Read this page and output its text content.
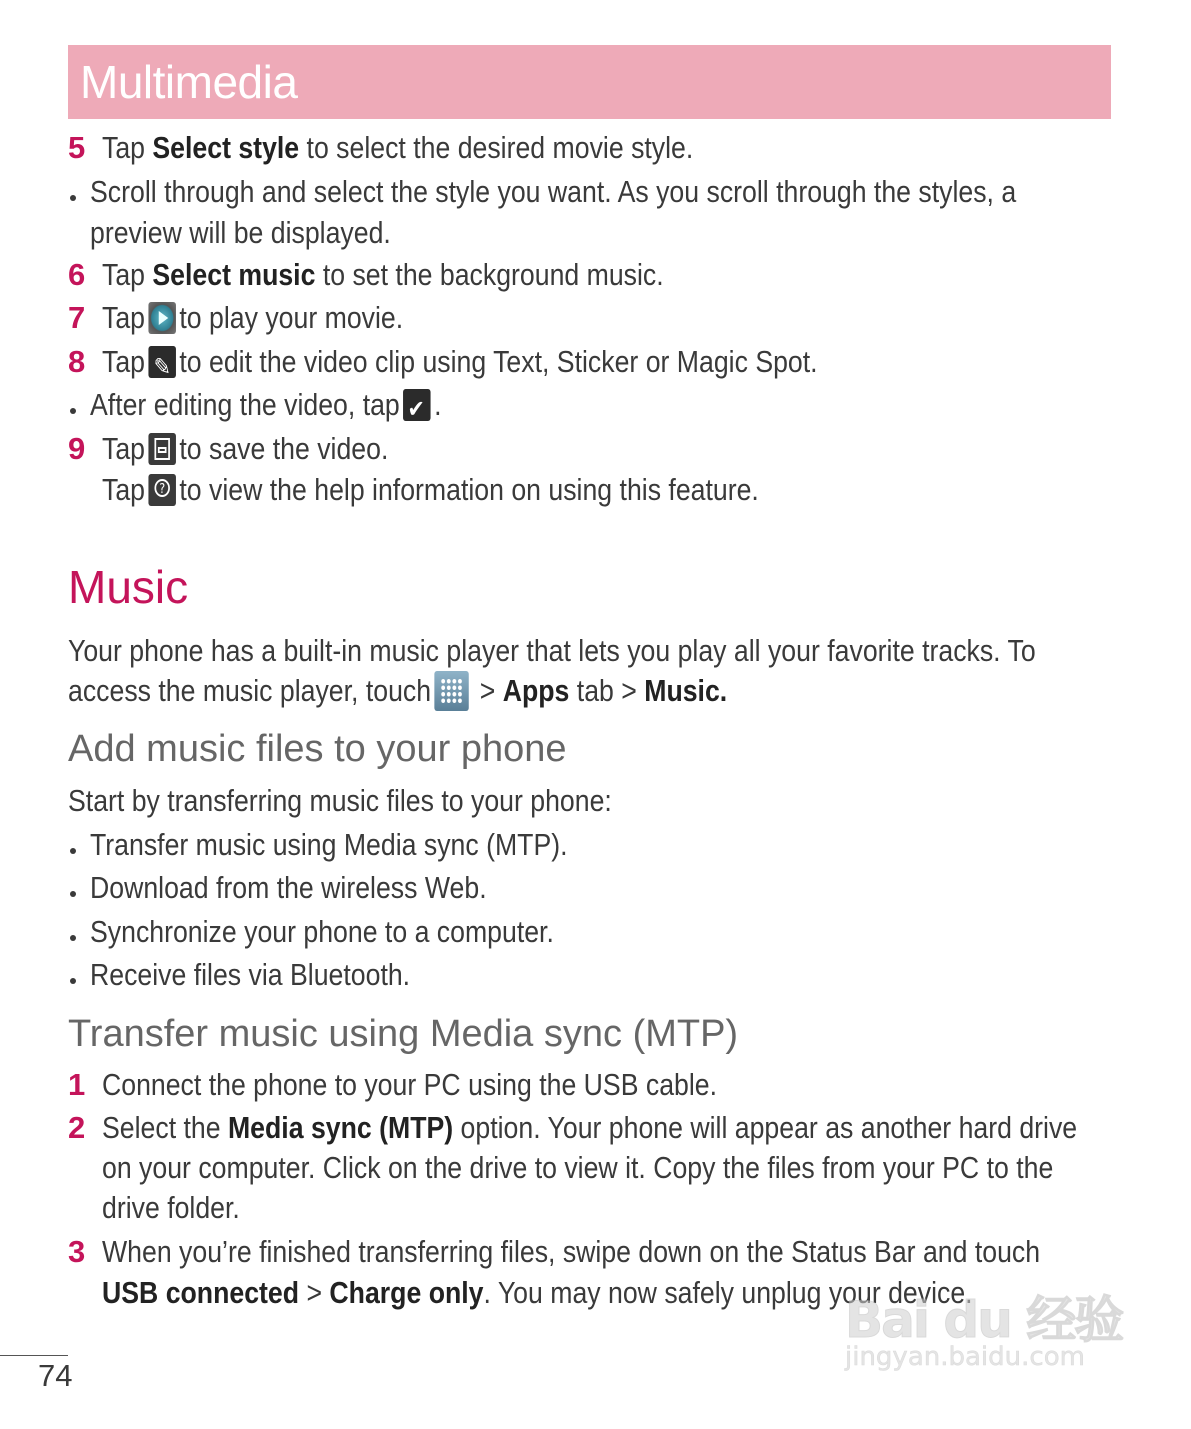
Multimedia
5 Tap Select style to select the desired movie style.
Scroll through and select the style you want. As you scroll through the styles, a
preview will be displayed.
6 Tap Select music to set the background music.
7 Tap to play your movie.
8 Tap ✎ to edit the video clip using Text, Sticker or Magic Spot.
After editing the video, tap ✔ .
9 Tap to save the video.
Tap ? to view the help information on using this feature.
Music
Your phone has a built-in music player that lets you play all your favorite tracks. To
access the music player, touch > Apps tab > Music.
Add music files to your phone
Start by transferring music files to your phone:
Transfer music using Media sync (MTP).
Download from the wireless Web.
Synchronize your phone to a computer.
Receive files via Bluetooth.
Transfer music using Media sync (MTP)
1 Connect the phone to your PC using the USB cable.
2 Select the Media sync (MTP) option. Your phone will appear as another hard drive
on your computer. Click on the drive to view it. Copy the files from your PC to the
drive folder.
3 When you’re finished transferring files, swipe down on the Status Bar and touch
USB connected > Charge only. You may now safely unplug your device.
74
Bai du 经验
jingyan.baidu.com
